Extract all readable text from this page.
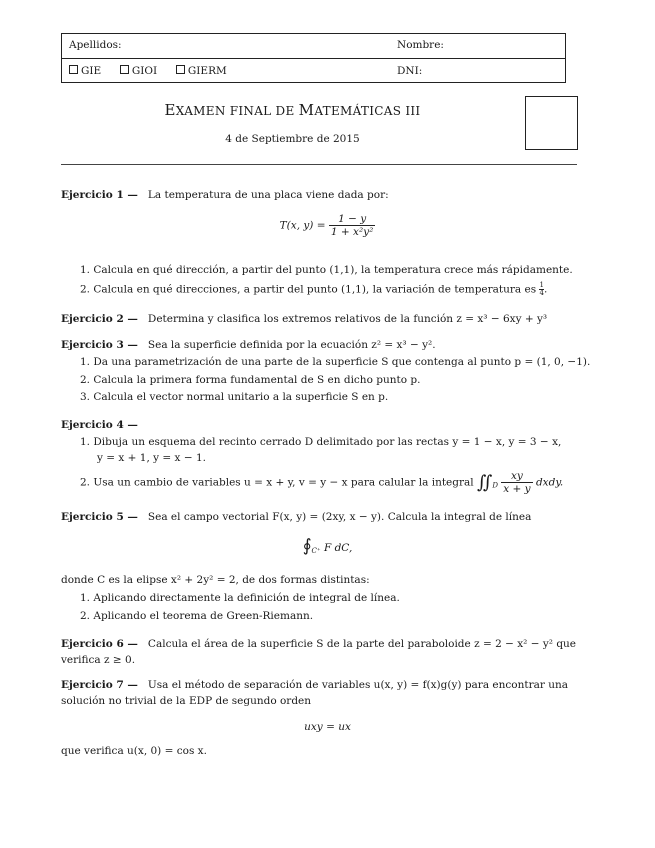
Apellidos:	Nombre:
GIE	GIOI	GIERM	DNI:
EXAMEN FINAL DE MATEMÁTICAS III
4 de Septiembre de 2015
Ejercicio 1 — La temperatura de una placa viene dada por:
T(x, $y) = \frac{1 - y}{\text{1 + x²y²}}$
1. Calcula en qué dirección, a partir del punto (1,1), la temperatura crece más rápidamente.
2. Calcula en qué direcciones, a partir del punto (1,1), la variación de temperatura es $\frac{1}{4}$.
Ejercicio 2 — Determina y clasifica los extremos relativos de la función z = x³ − 6xy + y³
Ejercicio 3 — Sea la superficie definida por la ecuación z² = x³ − y².
1. Da una parametrización de una parte de la superficie S que contenga al punto p = (1, 0, −1).
2. Calcula la primera forma fundamental de S en dicho punto p.
3. Calcula el vector normal unitario a la superficie S en p.
Ejercicio 4 —
1. Dibuja un esquema del recinto cerrado D delimitado por las rectas y = 1 − x, y = 3 − x,
y = x + 1, y = x − 1.
2. Usa un cambio de variables u = x + y, v = y − x para calular la integral $∬_D \frac{xy}{x + y}$ dxdy.
Ejercicio 5 — Sea el campo vectorial F(x, y) = (2xy, x − y). Calcula la integral de línea
$∮_{C^+}$ F dC,
donde C es la elipse x² + 2y² = 2, de dos formas distintas:
1. Aplicando directamente la definición de integral de línea.
2. Aplicando el teorema de Green-Riemann.
Ejercicio 6 — Calcula el área de la superficie S de la parte del paraboloide z = 2 − x² − y² que
verifica z ≥ 0.
Ejercicio 7 — Usa el método de separación de variables u(x, y) = f(x)g(y) para encontrar una
solución no trivial de la EDP de segundo orden
uxy = ux
que verifica u(x, 0) = cos x.
